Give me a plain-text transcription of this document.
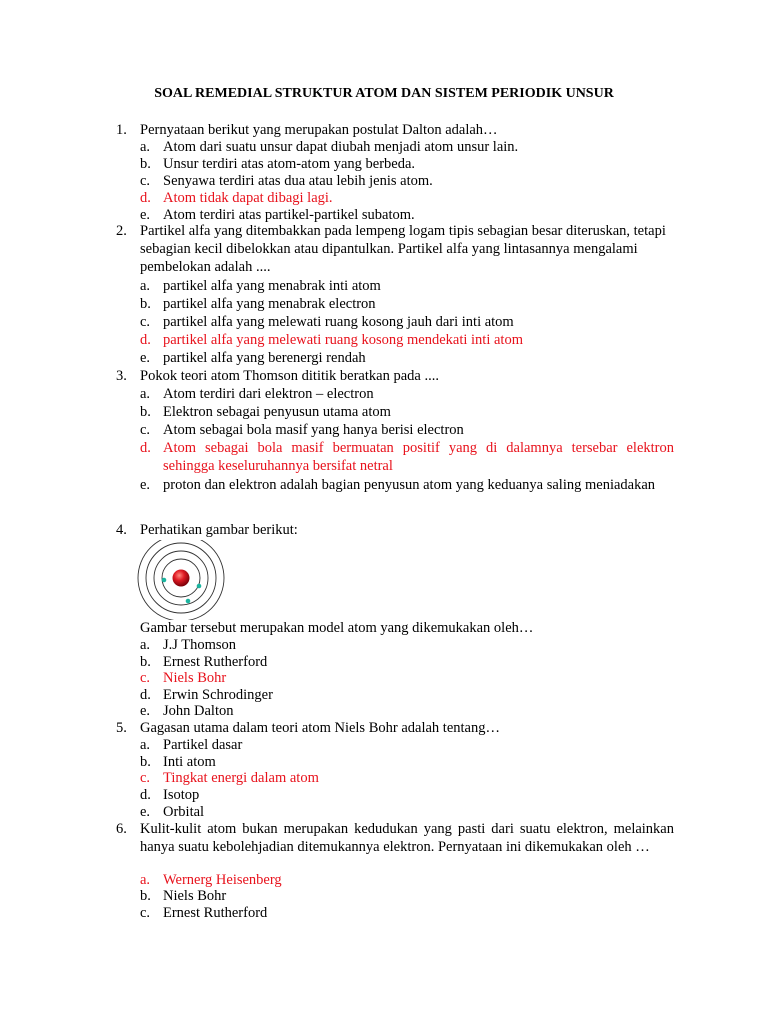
SOAL REMEDIAL STRUKTUR ATOM DAN SISTEM PERIODIK UNSUR
1. Pernyataan berikut yang merupakan postulat Dalton adalah…
a. Atom dari suatu unsur dapat diubah menjadi atom unsur lain.
b. Unsur terdiri atas atom-atom yang berbeda.
c. Senyawa terdiri atas dua atau lebih jenis atom.
d. Atom tidak dapat dibagi lagi.
e. Atom terdiri atas partikel-partikel subatom.
2. Partikel alfa yang ditembakkan pada lempeng logam tipis sebagian besar diteruskan, tetapi sebagian kecil dibelokkan atau dipantulkan. Partikel alfa yang lintasannya mengalami pembelokan adalah ....
a. partikel alfa yang menabrak inti atom
b. partikel alfa yang menabrak electron
c. partikel alfa yang melewati ruang kosong jauh dari inti atom
d. partikel alfa yang melewati ruang kosong mendekati inti atom
e. partikel alfa yang berenergi rendah
3. Pokok teori atom Thomson dititik beratkan pada ....
a. Atom terdiri dari elektron – electron
b. Elektron sebagai penyusun utama atom
c. Atom sebagai bola masif yang hanya berisi electron
d. Atom sebagai bola masif bermuatan positif yang di dalamnya tersebar elektron sehingga keseluruhannya bersifat netral
e. proton dan elektron adalah bagian penyusun atom yang keduanya saling meniadakan
4. Perhatikan gambar berikut:
Gambar tersebut merupakan model atom yang dikemukakan oleh…
a. J.J Thomson
b. Ernest Rutherford
c. Niels Bohr
d. Erwin Schrodinger
e. John Dalton
5. Gagasan utama dalam teori atom Niels Bohr adalah tentang…
a. Partikel dasar
b. Inti atom
c. Tingkat energi dalam atom
d. Isotop
e. Orbital
6. Kulit-kulit atom bukan merupakan kedudukan yang pasti dari suatu elektron, melainkan hanya suatu kebolehjadian ditemukannya elektron. Pernyataan ini dikemukakan oleh …
a. Wernerg Heisenberg
b. Niels Bohr
c. Ernest Rutherford
